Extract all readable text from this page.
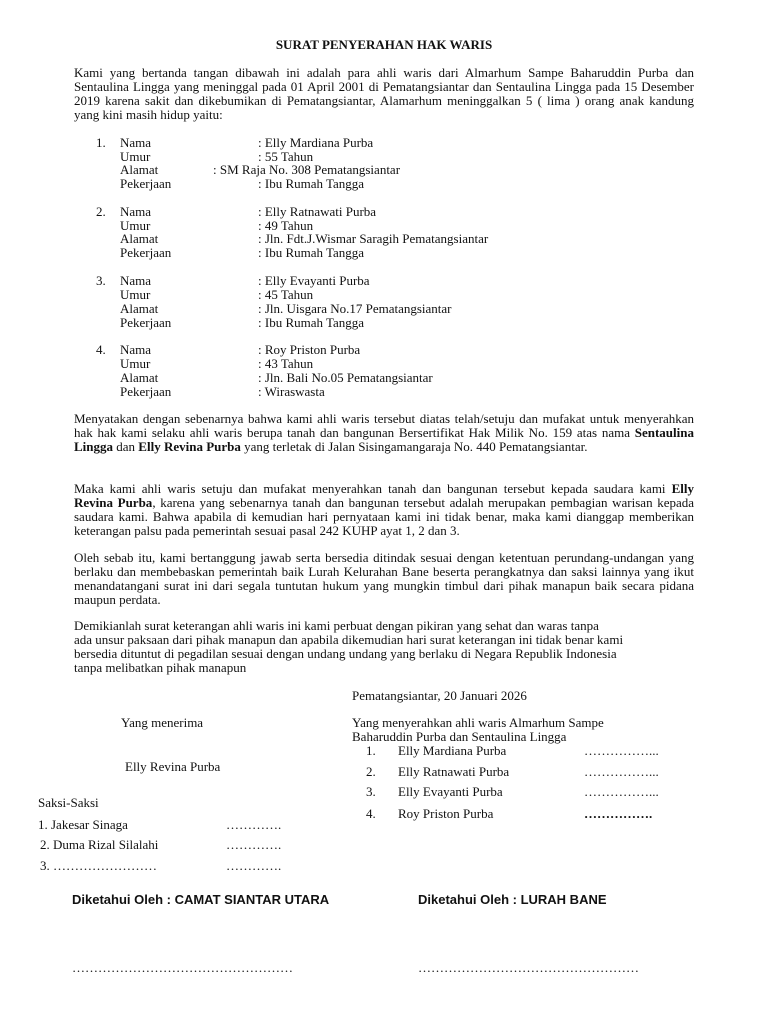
SURAT PENYERAHAN HAK WARIS
Kami yang bertanda tangan dibawah ini adalah para ahli waris dari Almarhum Sampe Baharuddin Purba dan Sentaulina Lingga yang meninggal pada 01 April 2001 di Pematangsiantar dan Sentaulina Lingga pada 15 Desember 2019 karena sakit dan dikebumikan di Pematangsiantar, Alamarhum meninggalkan 5 ( lima ) orang anak kandung yang kini masih hidup yaitu:
1. Nama	: Elly Mardiana Purba
Umur	: 55 Tahun
Alamat	: SM Raja No. 308 Pematangsiantar
Pekerjaan	: Ibu Rumah Tangga
2. Nama	: Elly Ratnawati Purba
Umur	: 49 Tahun
Alamat	: Jln. Fdt.J.Wismar Saragih Pematangsiantar
Pekerjaan	: Ibu Rumah Tangga
3. Nama	: Elly Evayanti Purba
Umur	: 45 Tahun
Alamat	: Jln. Uisgara No.17 Pematangsiantar
Pekerjaan	: Ibu Rumah Tangga
4. Nama	: Roy Priston Purba
Umur	: 43 Tahun
Alamat	: Jln. Bali No.05 Pematangsiantar
Pekerjaan	: Wiraswasta
Menyatakan dengan sebenarnya bahwa kami ahli waris tersebut diatas telah/setuju dan mufakat untuk menyerahkan hak hak kami selaku ahli waris berupa tanah dan bangunan Bersertifikat Hak Milik No. 159 atas nama Sentaulina Lingga dan Elly Revina Purba yang terletak di Jalan Sisingamangaraja No. 440 Pematangsiantar.
Maka kami ahli waris setuju dan mufakat menyerahkan tanah dan bangunan tersebut kepada saudara kami Elly Revina Purba, karena yang sebenarnya tanah dan bangunan tersebut adalah merupakan pembagian warisan kepada saudara kami. Bahwa apabila di kemudian hari pernyataan kami ini tidak benar, maka kami dianggap memberikan keterangan palsu pada pemerintah sesuai pasal 242 KUHP ayat 1, 2 dan 3.
Oleh sebab itu, kami bertanggung jawab serta bersedia ditindak sesuai dengan ketentuan perundang-undangan yang berlaku dan membebaskan pemerintah baik Lurah Kelurahan Bane beserta perangkatnya dan saksi lainnya yang ikut menandatangani surat ini dari segala tuntutan hukum yang mungkin timbul dari pihak manapun baik secara pidana maupun perdata.
Demikianlah surat keterangan ahli waris ini kami perbuat dengan pikiran yang sehat dan waras tanpa
ada unsur paksaan dari pihak manapun dan apabila dikemudian hari surat keterangan ini tidak benar kami
bersedia dituntut di pegadilan sesuai dengan undang undang yang berlaku di Negara Republik Indonesia
tanpa melibatkan pihak manapun
Pematangsiantar, 20 Januari 2026
Yang menerima
Elly Revina Purba
Yang menyerahkan ahli waris Almarhum Sampe
Baharuddin Purba dan Sentaulina Lingga
1. Elly Mardiana Purba	……………...
2. Elly Ratnawati Purba	……………...
3. Elly Evayanti Purba	……………...
4. Roy Priston Purba	…………….
Saksi-Saksi
1. Jakesar Sinaga	………….
2. Duma Rizal Silalahi	………….
3. ……………………	………….
Diketahui Oleh : CAMAT SIANTAR UTARA	Diketahui Oleh : LURAH BANE
……………………………………………	……………………………………………
